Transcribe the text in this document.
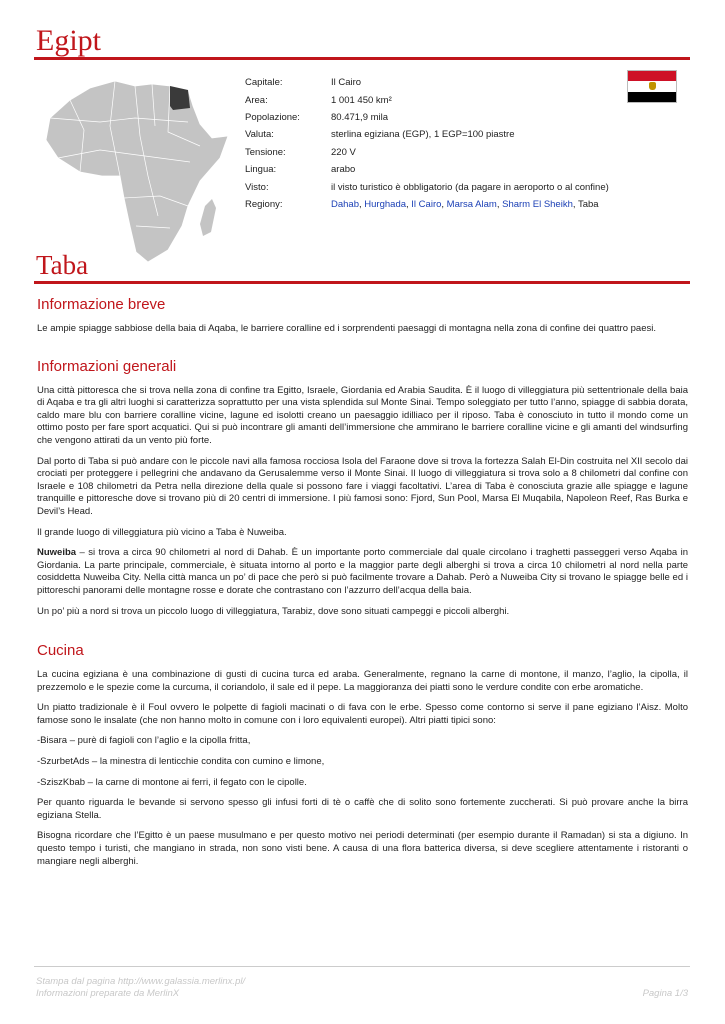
Egipt
Capitale:	Il Cairo
Area:	1 001 450 km²
Popolazione:	80.471,9 mila
Valuta:	sterlina egiziana (EGP), 1 EGP=100 piastre
Tensione:	220 V
Lingua:	arabo
Visto:	il visto turistico è obbligatorio (da pagare in aeroporto o al confine)
Regiony:	Dahab, Hurghada, Il Cairo, Marsa Alam, Sharm El Sheikh, Taba
Taba
Informazione breve

Le ampie spiagge sabbiose della baia di Aqaba, le barriere coralline ed i sorprendenti paesaggi di montagna nella zona di confine dei quattro paesi.

Informazioni generali

Una città pittoresca che si trova nella zona di confine tra Egitto, Israele, Giordania ed Arabia Saudita. È il luogo di villeggiatura più settentrionale della baia di Aqaba e tra gli altri luoghi si caratterizza soprattutto per una vista splendida sul Monte Sinai. Tempo soleggiato per tutto l’anno, spiagge di sabbia dorata, caldo mare blu con barriere coralline vicine, lagune ed isolotti creano un paesaggio idilliaco per il riposo. Taba è conosciuto in tutto il mondo come un ottimo posto per fare sport acquatici. Qui si può incontrare gli amanti dell’immersione che ammirano le barriere coralline vicine e gli amanti del windsurfing che vengono attirati da un vento più forte.

Dal porto di Taba si può andare con le piccole navi alla famosa rocciosa Isola del Faraone dove si trova la fortezza Salah El-Din costruita nel XII secolo dai crociati per proteggere i pellegrini che andavano da Gerusalemme verso il Monte Sinai. Il luogo di villeggiatura si trova solo a 8 chilometri dal confine con Israele e 108 chilometri da Petra nella direzione della quale si possono fare i viaggi facoltativi. L’area di Taba è conosciuta grazie alle spiagge e lagune tranquille e pittoresche dove si trovano più di 20 centri di immersione. I più famosi sono: Fjord, Sun Pool, Marsa El Muqabila, Napoleon Reef, Ras Burka e Devil’s Head.

Il grande luogo di villeggiatura più vicino a Taba è Nuweiba.

Nuweiba – si trova a circa 90 chilometri al nord di Dahab. È un importante porto commerciale dal quale circolano i traghetti passeggeri verso Aqaba in Giordania. La parte principale, commerciale, è situata intorno al porto e la maggior parte degli alberghi si trova a circa 10 chilometri al nord nella parte cosiddetta Nuweiba City. Nella città manca un po’ di pace che però si può facilmente trovare a Dahab. Però a Nuweiba City si trovano le spiagge belle ed i pittoreschi panorami delle montagne rosse e dorate che contrastano con l’azzurro dell’acqua della baia.

Un po’ più a nord si trova un piccolo luogo di villeggiatura, Tarabiz, dove sono situati campeggi e piccoli alberghi.

Cucina

La cucina egiziana è una combinazione di gusti di cucina turca ed araba. Generalmente, regnano la carne di montone, il manzo, l’aglio, la cipolla, il prezzemolo e le spezie come la curcuma, il coriandolo, il sale ed il pepe. La maggioranza dei piatti sono le verdure condite con erbe aromatiche.

Un piatto tradizionale è il Foul ovvero le polpette di fagioli macinati o di fava con le erbe. Spesso come contorno si serve il pane egiziano l’Aisz. Molto famose sono le insalate (che non hanno molto in comune con i loro equivalenti europei). Altri piatti tipici sono:

-Bisara – purè di fagioli con l’aglio e la cipolla fritta,

-SzurbetAds – la minestra di lenticchie condita con cumino e limone,

-SziszKbab – la carne di montone ai ferri, il fegato con le cipolle.

Per quanto riguarda le bevande si servono spesso gli infusi forti di tè o caffè che di solito sono fortemente zuccherati. Si può provare anche la birra egiziana Stella.

Bisogna ricordare che l’Egitto è un paese musulmano e per questo motivo nei periodi determinati (per esempio durante il Ramadan) si sta a digiuno. In questo tempo i turisti, che mangiano in strada, non sono visti bene. A causa di una flora batterica diversa, si deve scegliere attentamente i ristoranti o mangiare negli alberghi.

Stampa dal pagina http://www.galassia.merlinx.pl/
Informazioni preparate da MerlinX	Pagina 1/3
